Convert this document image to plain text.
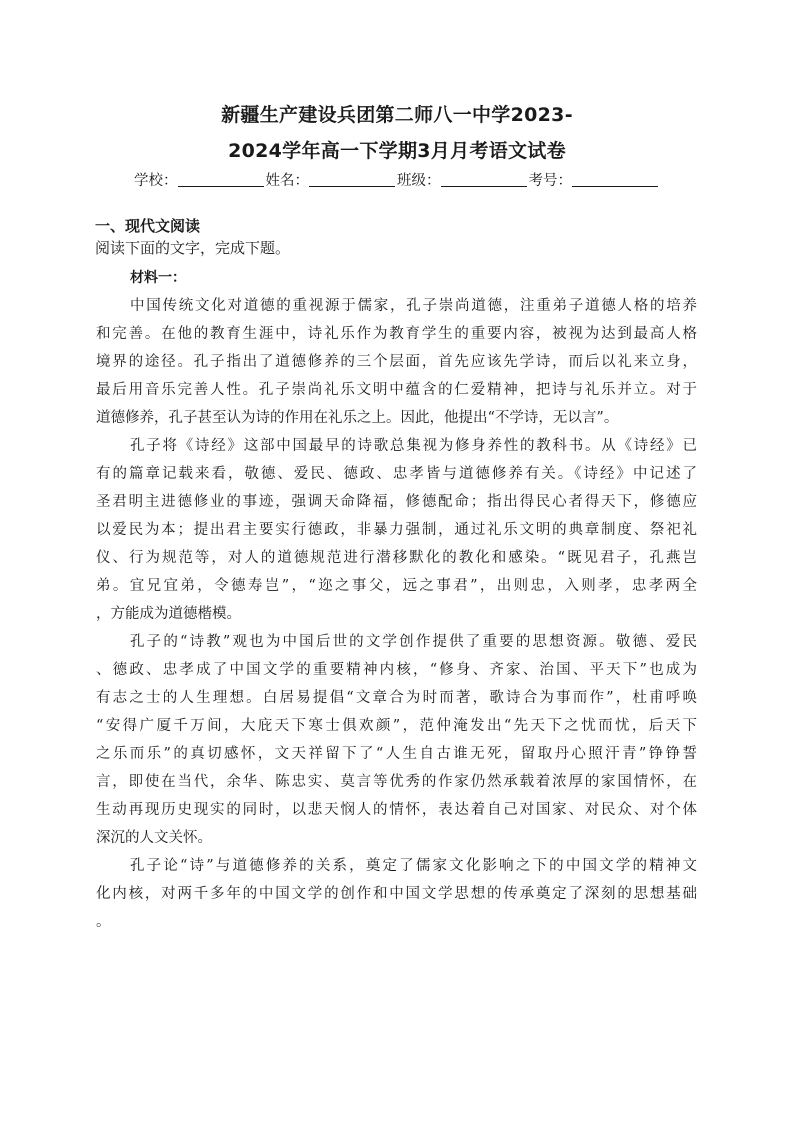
新疆生产建设兵团第二师八一中学2023-
2024学年高一下学期3月月考语文试卷
学校：	姓名：	班级：	考号：
一、现代文阅读
阅读下面的文字，完成下题。
材料一：
中国传统文化对道德的重视源于儒家，孔子崇尚道德，注重弟子道德人格的培养
和完善。在他的教育生涯中，诗礼乐作为教育学生的重要内容，被视为达到最高人格
境界的途径。孔子指出了道德修养的三个层面，首先应该先学诗，而后以礼来立身，
最后用音乐完善人性。孔子崇尚礼乐文明中蕴含的仁爱精神，把诗与礼乐并立。对于
道德修养，孔子甚至认为诗的作用在礼乐之上。因此，他提出“不学诗，无以言”。
孔子将《诗经》这部中国最早的诗歌总集视为修身养性的教科书。从《诗经》已
有的篇章记载来看，敬德、爱民、德政、忠孝皆与道德修养有关。《诗经》中记述了
圣君明主进德修业的事迹，强调天命降福，修德配命；指出得民心者得天下，修德应
以爱民为本；提出君主要实行德政，非暴力强制，通过礼乐文明的典章制度、祭祀礼
仪、行为规范等，对人的道德规范进行潜移默化的教化和感染。“既见君子，孔燕岂
弟。宜兄宜弟，令德寿岂”，“迩之事父，远之事君”，出则忠，入则孝，忠孝两全
，方能成为道德楷模。
孔子的“诗教”观也为中国后世的文学创作提供了重要的思想资源。敬德、爱民
、德政、忠孝成了中国文学的重要精神内核，“修身、齐家、治国、平天下”也成为
有志之士的人生理想。白居易提倡“文章合为时而著，歌诗合为事而作”，杜甫呼唤
“安得广厦千万间，大庇天下寒士俱欢颜”，范仲淹发出“先天下之忧而忧，后天下
之乐而乐”的真切感怀，文天祥留下了“人生自古谁无死，留取丹心照汗青”铮铮誓
言，即使在当代，余华、陈忠实、莫言等优秀的作家仍然承载着浓厚的家国情怀，在
生动再现历史现实的同时，以悲天悯人的情怀，表达着自己对国家、对民众、对个体
深沉的人文关怀。
孔子论“诗”与道德修养的关系，奠定了儒家文化影响之下的中国文学的精神文
化内核，对两千多年的中国文学的创作和中国文学思想的传承奠定了深刻的思想基础
。
